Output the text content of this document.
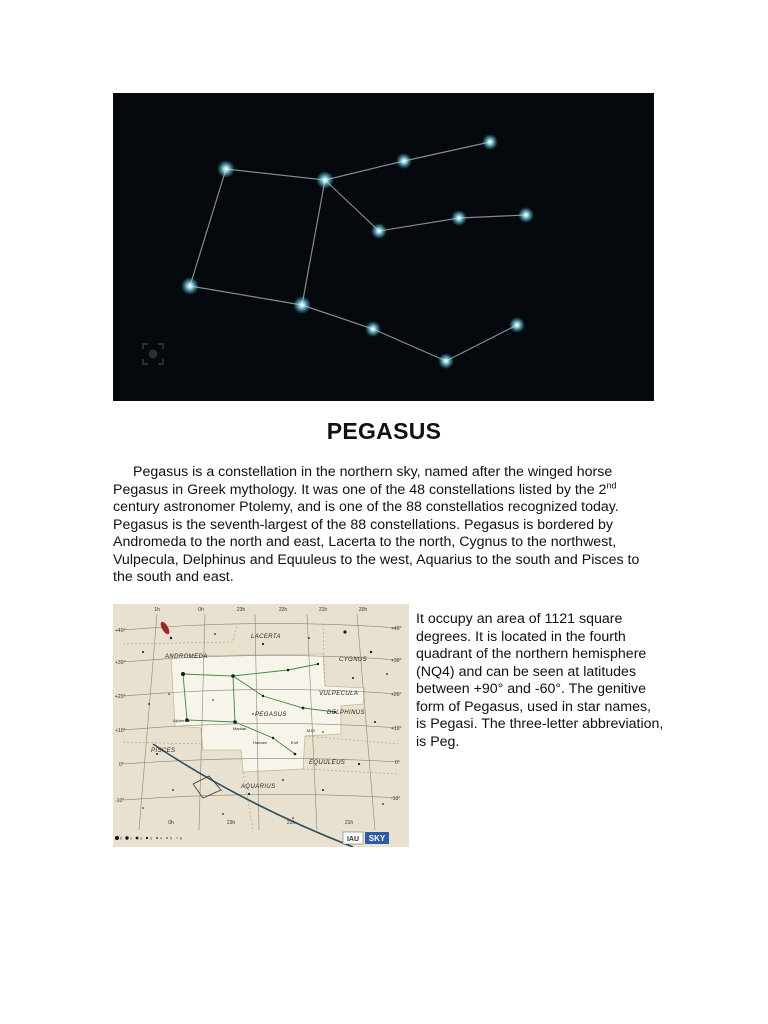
PEGASUS
Pegasus is a constellation in the northern sky, named after the winged horse Pegasus in Greek mythology. It was one of the 48 constellations listed by the 2nd century astronomer Ptolemy, and is one of the 88 constellatios recognized today. Pegasus is the seventh-largest of the 88 constellations. Pegasus is bordered by Andromeda to the north and east, Lacerta to the north, Cygnus to the northwest, Vulpecula, Delphinus and Equuleus to the west, Aquarius to the south and Pisces to the south and east.
1h	0h	23h	22h	21h	20h
0h	23h	22h	21h
+40°
+30°
+20°
+10°
0°
-10°
+40°
+30°
+20°
+10°
0°
-10°
LACERTA
ANDROMEDA	CYGNUS
VULPECULA
PEGASUS	DELPHINUS
PISCES
EQUULEUS
AQUARIUS
Alpheratz
Markab
Homam	Enif
M15
0 1 2 3 4 5 6	IAU SKY
It occupy an area of 1121 square degrees. It is located in the fourth quadrant of the northern hemisphere (NQ4) and can be seen at latitudes between +90° and -60°. The genitive form of Pegasus, used in star names, is Pegasi. The three-letter abbreviation, is Peg.
